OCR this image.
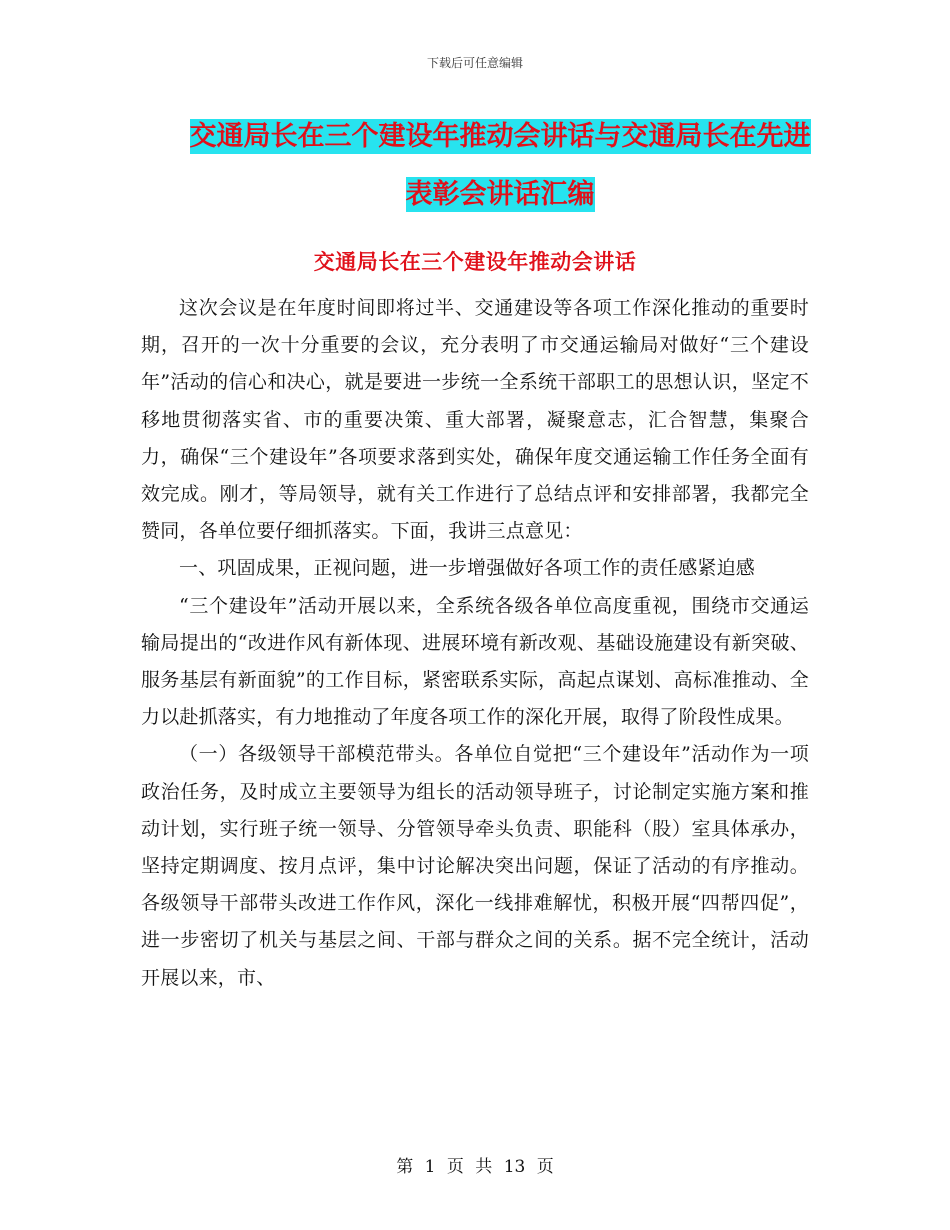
下载后可任意编辑
交通局长在三个建设年推动会讲话与交通局长在先进
表彰会讲话汇编
交通局长在三个建设年推动会讲话

这次会议是在年度时间即将过半、交通建设等各项工作深化推动的重要时期，召开的一次十分重要的会议，充分表明了市交通运输局对做好“三个建设年”活动的信心和决心，就是要进一步统一全系统干部职工的思想认识，坚定不移地贯彻落实省、市的重要决策、重大部署，凝聚意志，汇合智慧，集聚合力，确保“三个建设年”各项要求落到实处，确保年度交通运输工作任务全面有效完成。刚才，等局领导，就有关工作进行了总结点评和安排部署，我都完全赞同，各单位要仔细抓落实。下面，我讲三点意见：

一、巩固成果，正视问题，进一步增强做好各项工作的责任感紧迫感

“三个建设年”活动开展以来，全系统各级各单位高度重视，围绕市交通运输局提出的“改进作风有新体现、进展环境有新改观、基础设施建设有新突破、服务基层有新面貌”的工作目标，紧密联系实际，高起点谋划、高标准推动、全力以赴抓落实，有力地推动了年度各项工作的深化开展，取得了阶段性成果。

（一）各级领导干部模范带头。各单位自觉把“三个建设年”活动作为一项政治任务，及时成立主要领导为组长的活动领导班子，讨论制定实施方案和推动计划，实行班子统一领导、分管领导牵头负责、职能科（股）室具体承办，坚持定期调度、按月点评，集中讨论解决突出问题，保证了活动的有序推动。各级领导干部带头改进工作作风，深化一线排难解忧，积极开展“四帮四促”，进一步密切了机关与基层之间、干部与群众之间的关系。据不完全统计，活动开展以来，市、

第 1 页 共 13 页
